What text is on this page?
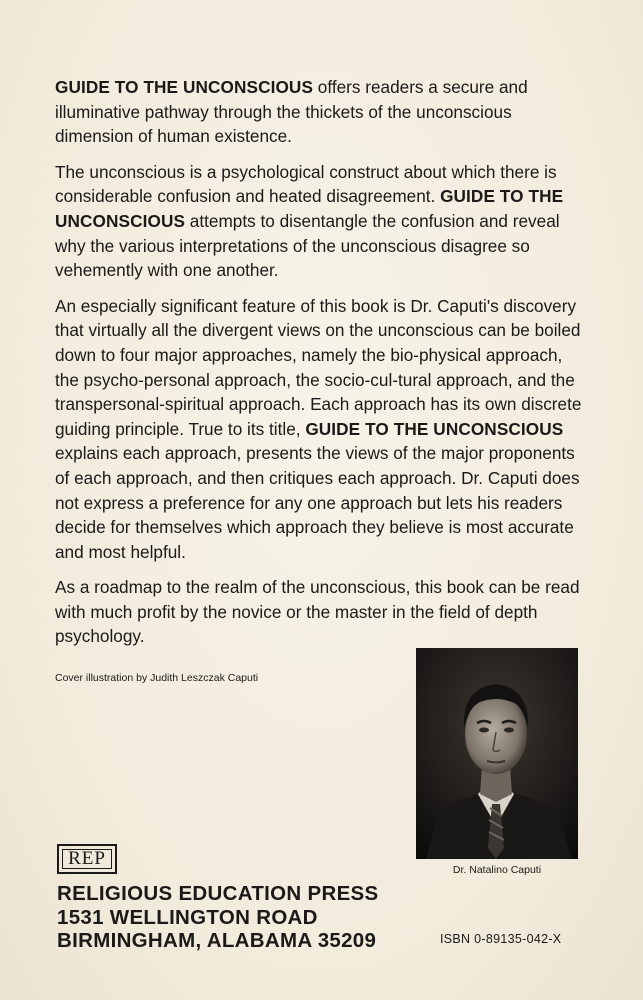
GUIDE TO THE UNCONSCIOUS offers readers a secure and illuminative pathway through the thickets of the unconscious dimension of human existence.

The unconscious is a psychological construct about which there is considerable confusion and heated disagreement. GUIDE TO THE UNCONSCIOUS attempts to disentangle the confusion and reveal why the various interpretations of the unconscious disagree so vehemently with one another.

An especially significant feature of this book is Dr. Caputi's discovery that virtually all the divergent views on the unconscious can be boiled down to four major approaches, namely the bio-physical approach, the psycho-personal approach, the socio-cul-tural approach, and the transpersonal-spiritual approach. Each approach has its own discrete guiding principle. True to its title, GUIDE TO THE UNCONSCIOUS explains each approach, presents the views of the major proponents of each approach, and then critiques each approach. Dr. Caputi does not express a preference for any one approach but lets his readers decide for themselves which approach they believe is most accurate and most helpful.

As a roadmap to the realm of the unconscious, this book can be read with much profit by the novice or the master in the field of depth psychology.

Cover illustration by Judith Leszczak Caputi
Dr. Natalino Caputi
REP
RELIGIOUS EDUCATION PRESS
1531 WELLINGTON ROAD
BIRMINGHAM, ALABAMA 35209	ISBN 0-89135-042-X
